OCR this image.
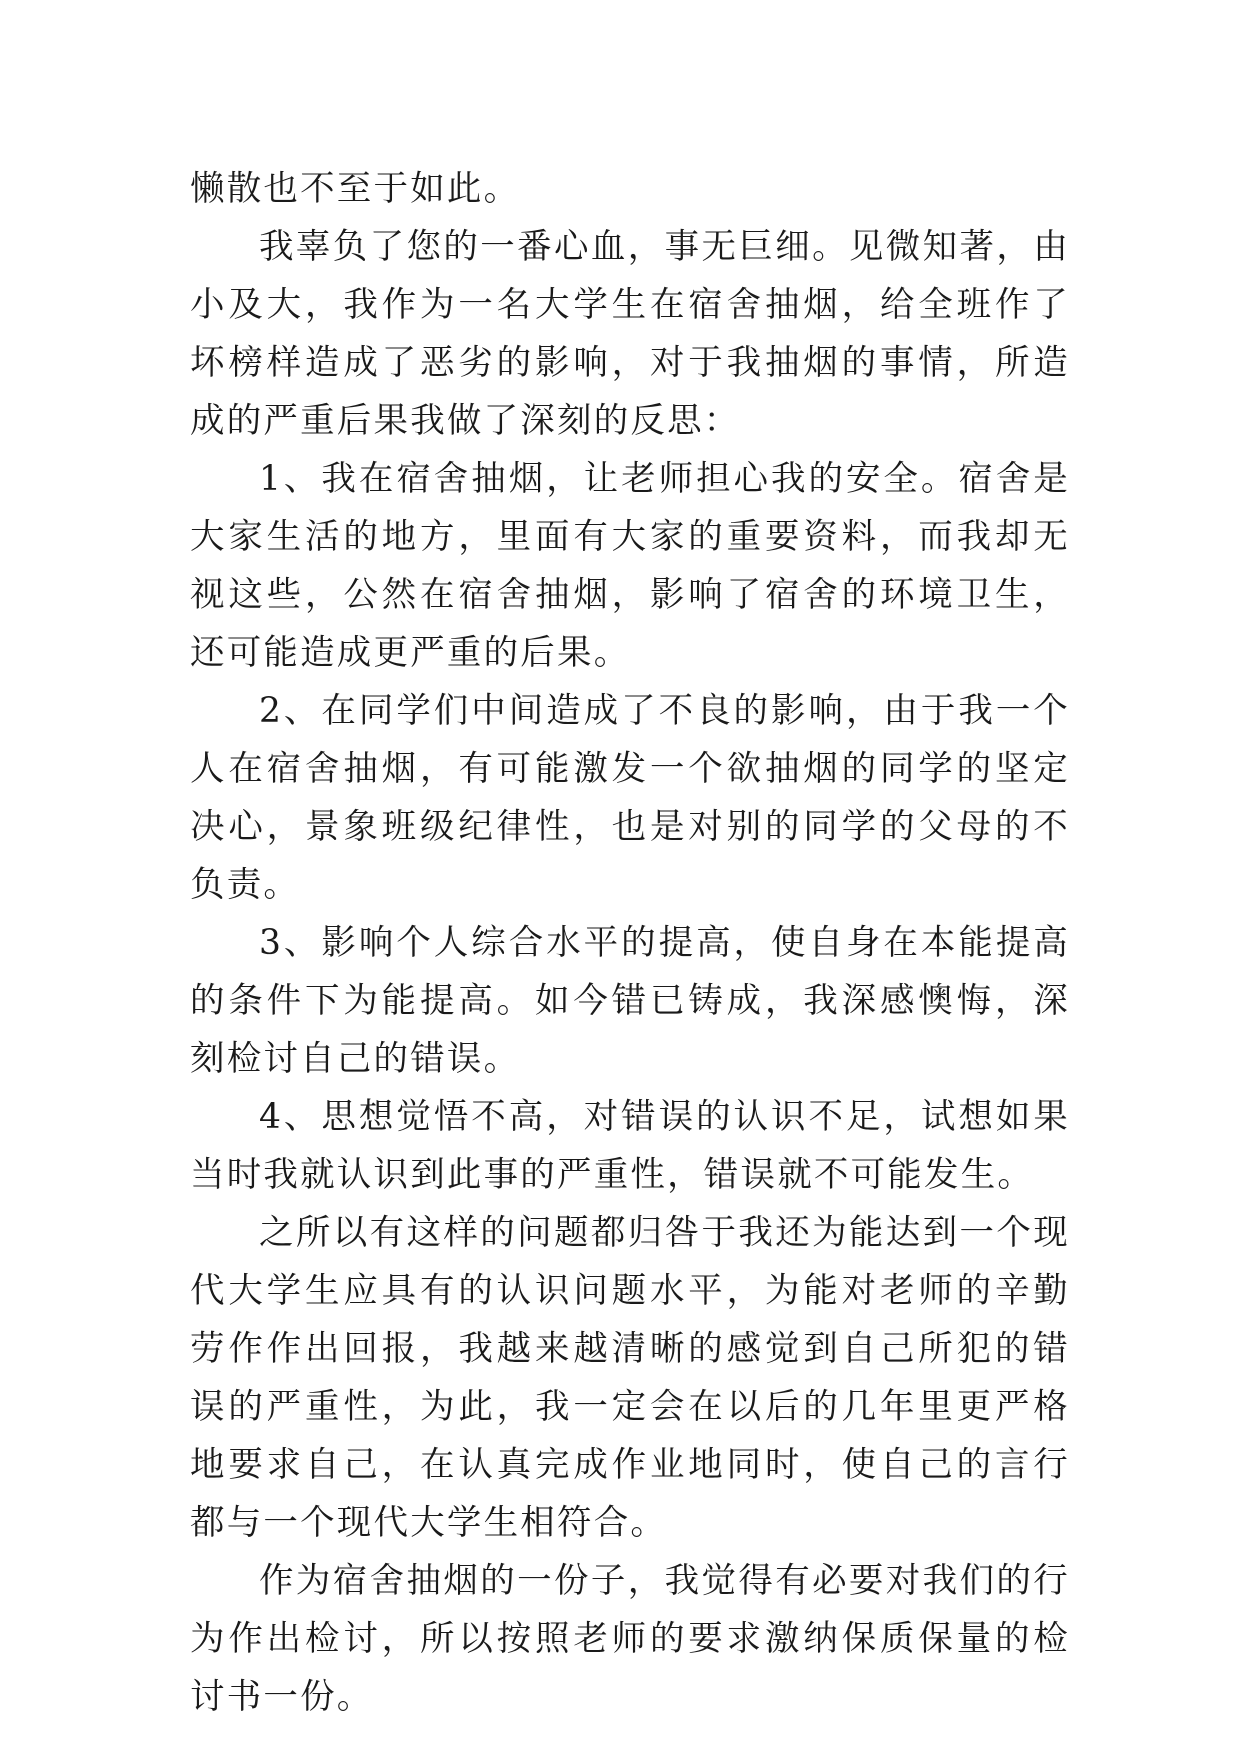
懒散也不至于如此。

我辜负了您的一番心血，事无巨细。见微知著，由小及大，我作为一名大学生在宿舍抽烟，给全班作了坏榜样造成了恶劣的影响，对于我抽烟的事情，所造成的严重后果我做了深刻的反思：

1、我在宿舍抽烟，让老师担心我的安全。宿舍是大家生活的地方，里面有大家的重要资料，而我却无视这些，公然在宿舍抽烟，影响了宿舍的环境卫生，还可能造成更严重的后果。

2、在同学们中间造成了不良的影响，由于我一个人在宿舍抽烟，有可能激发一个欲抽烟的同学的坚定决心，景象班级纪律性，也是对别的同学的父母的不负责。

3、影响个人综合水平的提高，使自身在本能提高的条件下为能提高。如今错已铸成，我深感懊悔，深刻检讨自己的错误。

4、思想觉悟不高，对错误的认识不足，试想如果当时我就认识到此事的严重性，错误就不可能发生。

之所以有这样的问题都归咎于我还为能达到一个现代大学生应具有的认识问题水平，为能对老师的辛勤劳作作出回报，我越来越清晰的感觉到自己所犯的错误的严重性，为此，我一定会在以后的几年里更严格地要求自己，在认真完成作业地同时，使自己的言行都与一个现代大学生相符合。

作为宿舍抽烟的一份子，我觉得有必要对我们的行为作出检讨，所以按照老师的要求激纳保质保量的检讨书一份。
